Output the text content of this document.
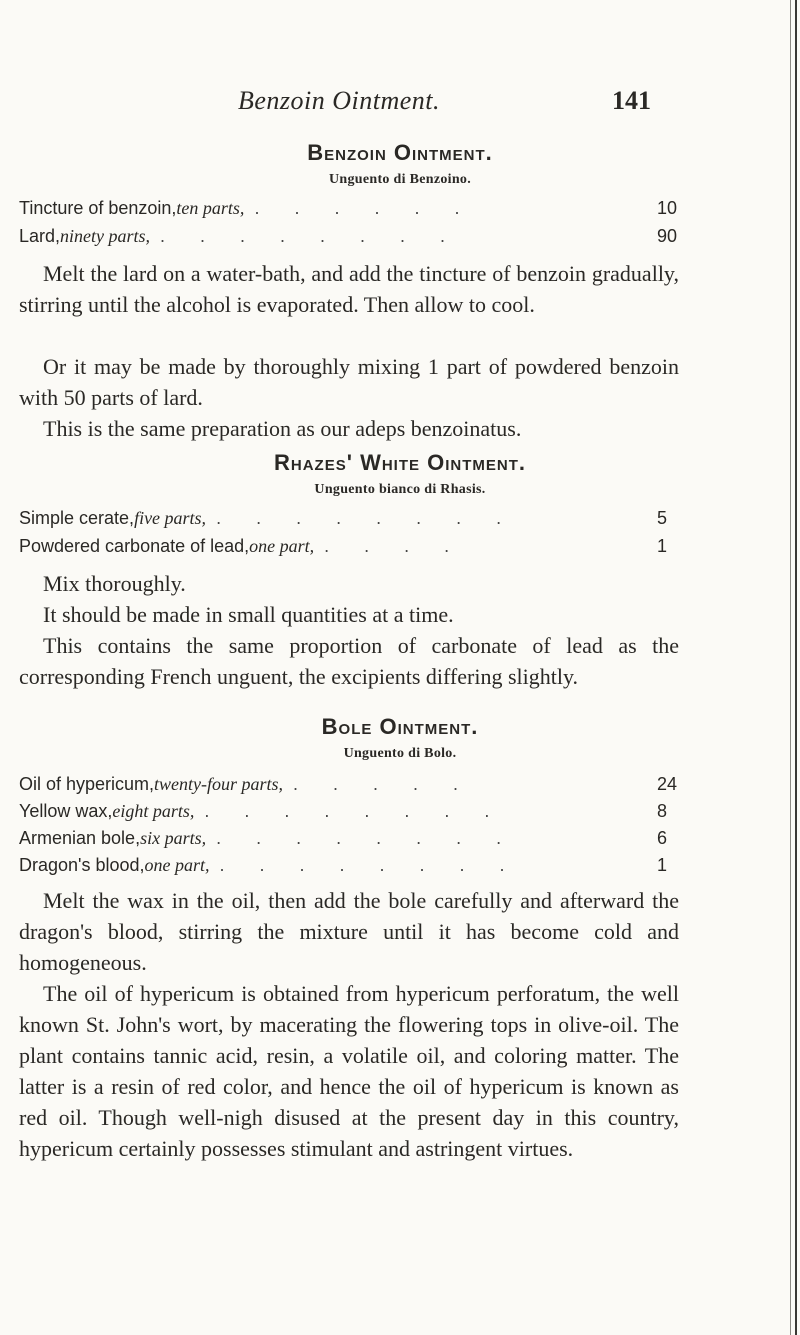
Benzoin Ointment.	141
Benzoin Ointment.
Unguento di Benzoino.
Tincture of benzoin, ten parts, . . . . . .	10
Lard, ninety parts, . . . . . . . .	90

Melt the lard on a water-bath, and add the tincture of benzoin gradually, stirring until the alcohol is evaporated. Then allow to cool.

Or it may be made by thoroughly mixing 1 part of powdered benzoin with 50 parts of lard.

This is the same preparation as our adeps benzoinatus.

Rhazes' White Ointment.
Unguento bianco di Rhasis.
Simple cerate, five parts, . . . . . . . .	5
Powdered carbonate of lead, one part, . . . .	1

Mix thoroughly.

It should be made in small quantities at a time.

This contains the same proportion of carbonate of lead as the corresponding French unguent, the excipients differing slightly.

Bole Ointment.
Unguento di Bolo.
Oil of hypericum, twenty-four parts, . . . . .	24
Yellow wax, eight parts, . . . . . . . .	8
Armenian bole, six parts, . . . . . . . .	6
Dragon's blood, one part, . . . . . . . .	1

Melt the wax in the oil, then add the bole carefully and afterward the dragon's blood, stirring the mixture until it has become cold and homogeneous.

The oil of hypericum is obtained from hypericum perforatum, the well known St. John's wort, by macerating the flowering tops in olive-oil. The plant contains tannic acid, resin, a volatile oil, and coloring matter. The latter is a resin of red color, and hence the oil of hypericum is known as red oil. Though well-nigh disused at the present day in this country, hypericum certainly possesses stimulant and astringent virtues.
